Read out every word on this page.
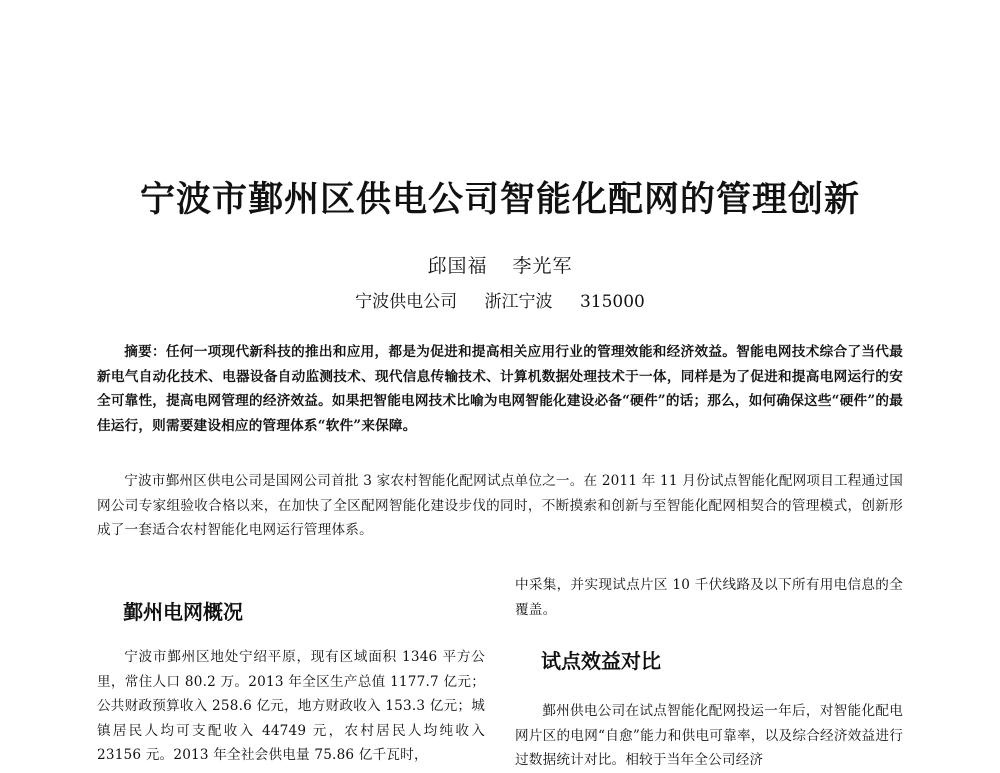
宁波市鄞州区供电公司智能化配网的管理创新
邱国福 李光军
宁波供电公司 浙江宁波 315000

摘要：任何一项现代新科技的推出和应用，都是为促进和提高相关应用行业的管理效能和经济效益。智能电网技术综合了当代最新电气自动化技术、电器设备自动监测技术、现代信息传输技术、计算机数据处理技术于一体，同样是为了促进和提高电网运行的安全可靠性，提高电网管理的经济效益。如果把智能电网技术比喻为电网智能化建设必备“硬件”的话；那么，如何确保这些“硬件”的最佳运行，则需要建设相应的管理体系“软件”来保障。

宁波市鄞州区供电公司是国网公司首批 3 家农村智能化配网试点单位之一。在 2011 年 11 月份试点智能化配网项目工程通过国网公司专家组验收合格以来，在加快了全区配网智能化建设步伐的同时，不断摸索和创新与至智能化配网相契合的管理模式，创新形成了一套适合农村智能化电网运行管理体系。

鄞州电网概况

宁波市鄞州区地处宁绍平原，现有区域面积 1346 平方公里，常住人口 80.2 万。2013 年全区生产总值 1177.7 亿元；公共财政预算收入 258.6 亿元，地方财政收入 153.3 亿元；城镇居民人均可支配收入 44749 元，农村居民人均纯收入 23156 元。2013 年全社会供电量 75.86 亿千瓦时，

中采集，并实现试点片区 10 千伏线路及以下所有用电信息的全覆盖。

试点效益对比

鄞州供电公司在试点智能化配网投运一年后，对智能化配电网片区的电网“自愈”能力和供电可靠率，以及综合经济效益进行过数据统计对比。相较于当年全公司经济
